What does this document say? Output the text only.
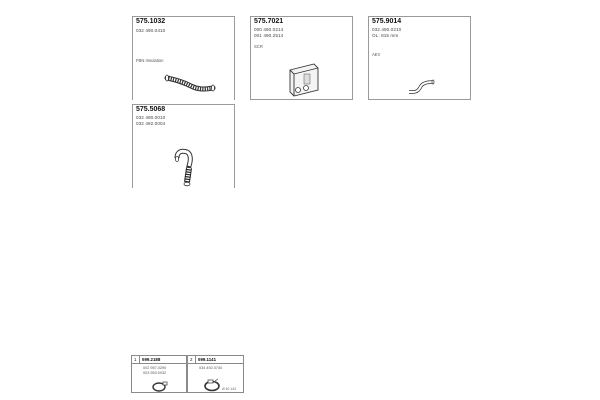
575.1032
032 490.0410
FBN Insulation
575.7021
000 490.0214
001 490.2514
SCR
575.9014
032.490.0210
OL: 815 mm
AEV
575.5068
032 490.0010
032 492.0004
1 599.2188
002 957.0290
003 953.0032
2 599.1141
034 492.0740
Ø 40 143
